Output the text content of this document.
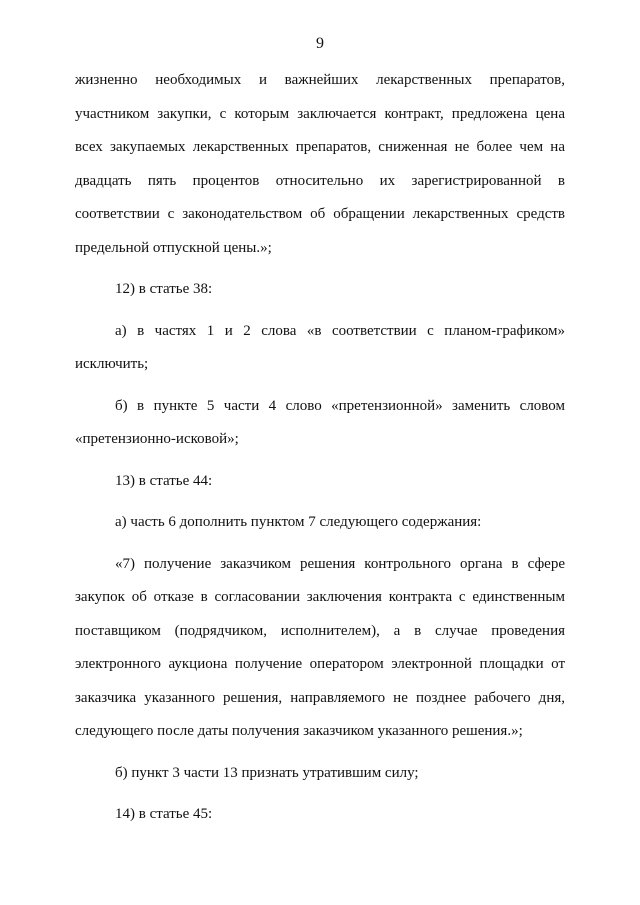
9
жизненно необходимых и важнейших лекарственных препаратов,
участником закупки, с которым заключается контракт, предложена цена
всех закупаемых лекарственных препаратов, сниженная не более чем на
двадцать пять процентов относительно их зарегистрированной в
соответствии с законодательством об обращении лекарственных средств
предельной отпускной цены.»;
12) в статье 38:
а) в частях 1 и 2 слова «в соответствии с планом-графиком»
исключить;
б) в пункте 5 части 4 слово «претензионной» заменить словом
«претензионно-исковой»;
13) в статье 44:
а) часть 6 дополнить пунктом 7 следующего содержания:
«7) получение заказчиком решения контрольного органа в сфере
закупок об отказе в согласовании заключения контракта с единственным
поставщиком (подрядчиком, исполнителем), а в случае проведения
электронного аукциона получение оператором электронной площадки от
заказчика указанного решения, направляемого не позднее рабочего дня,
следующего после даты получения заказчиком указанного решения.»;
б) пункт 3 части 13 признать утратившим силу;
14) в статье 45:
